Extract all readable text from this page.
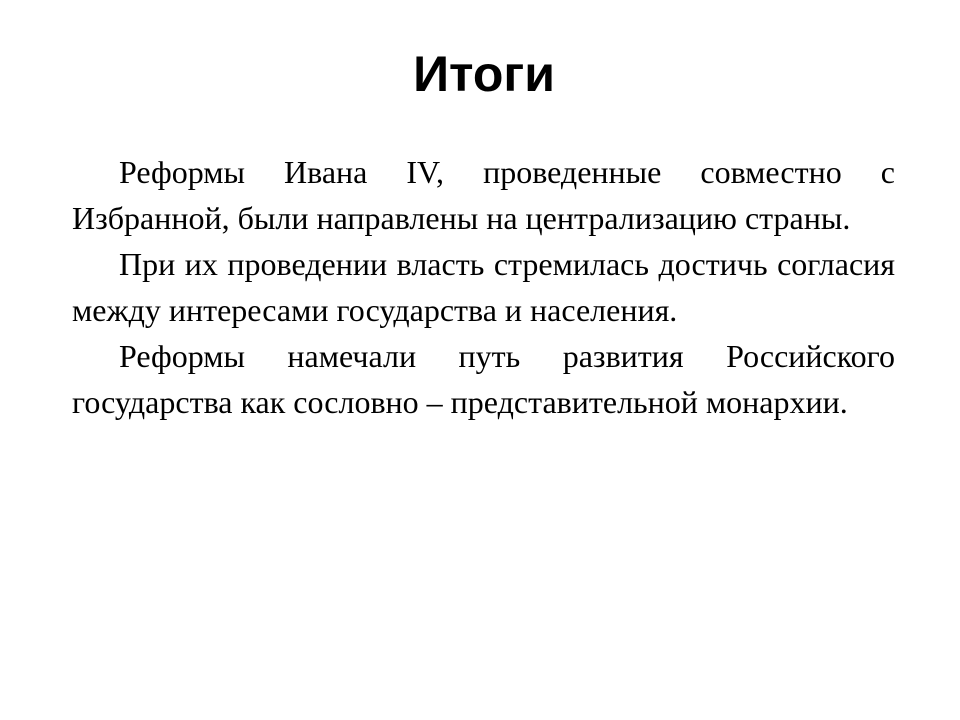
Итоги

Реформы Ивана IV, проведенные совместно с Избранной, были направлены на централизацию страны.

При их проведении власть стремилась достичь согласия между интересами государства и населения.

Реформы намечали путь развития Российского государства как сословно – представительной монархии.
